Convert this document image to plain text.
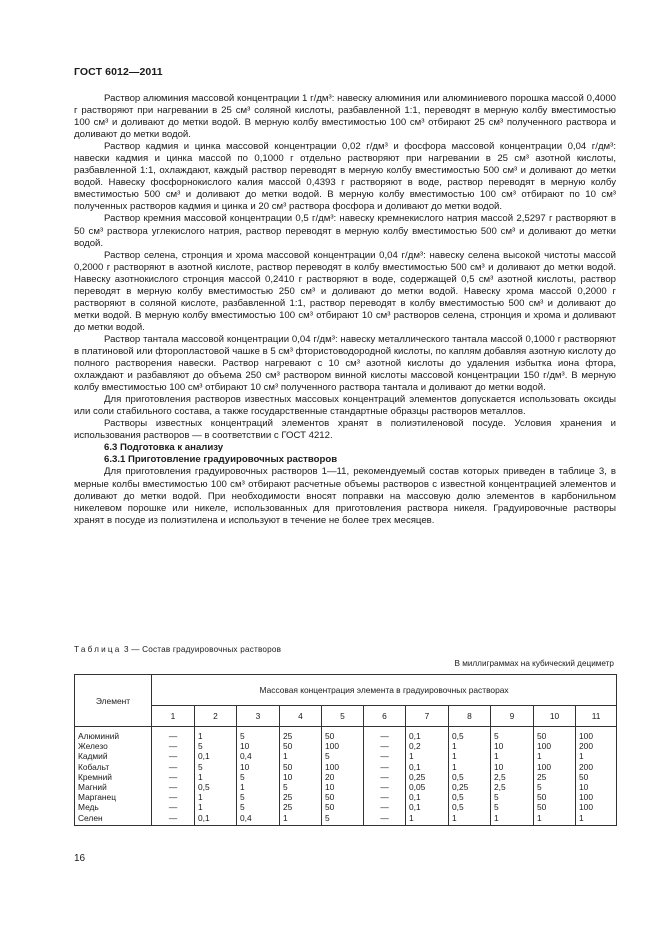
ГОСТ 6012—2011

Раствор алюминия массовой концентрации 1 г/дм³: навеску алюминия или алюминиевого порошка массой 0,4000 г растворяют при нагревании в 25 см³ соляной кислоты, разбавленной 1:1, переводят в мерную колбу вместимостью 100 см³ и доливают до метки водой. В мерную колбу вместимостью 100 см³ отбирают 25 см³ полученного раствора и доливают до метки водой.

Раствор кадмия и цинка массовой концентрации 0,02 г/дм³ и фосфора массовой концентрации 0,04 г/дм³: навески кадмия и цинка массой по 0,1000 г отдельно растворяют при нагревании в 25 см³ азотной кислоты, разбавленной 1:1, охлаждают, каждый раствор переводят в мерную колбу вместимостью 500 см³ и доливают до метки водой. Навеску фосфорнокислого калия массой 0,4393 г растворяют в воде, раствор переводят в мерную колбу вместимостью 500 см³ и доливают до метки водой. В мерную колбу вместимостью 100 см³ отбирают по 10 см³ полученных растворов кадмия и цинка и 20 см³ раствора фосфора и доливают до метки водой.

Раствор кремния массовой концентрации 0,5 г/дм³: навеску кремнекислого натрия массой 2,5297 г растворяют в 50 см³ раствора углекислого натрия, раствор переводят в мерную колбу вместимостью 500 см³ и доливают до метки водой.

Раствор селена, стронция и хрома массовой концентрации 0,04 г/дм³: навеску селена высокой чистоты массой 0,2000 г растворяют в азотной кислоте, раствор переводят в колбу вместимостью 500 см³ и доливают до метки водой. Навеску азотнокислого стронция массой 0,2410 г растворяют в воде, содержащей 0,5 см³ азотной кислоты, раствор переводят в мерную колбу вместимостью 250 см³ и доливают до метки водой. Навеску хрома массой 0,2000 г растворяют в соляной кислоте, разбавленной 1:1, раствор переводят в колбу вместимостью 500 см³ и доливают до метки водой. В мерную колбу вместимостью 100 см³ отбирают 10 см³ растворов селена, стронция и хрома и доливают до метки водой.

Раствор тантала массовой концентрации 0,04 г/дм³: навеску металлического тантала массой 0,1000 г растворяют в платиновой или фторопластовой чашке в 5 см³ фтористоводородной кислоты, по каплям добавляя азотную кислоту до полного растворения навески. Раствор нагревают с 10 см³ азотной кислоты до удаления избытка иона фтора, охлаждают и разбавляют до объема 250 см³ раствором винной кислоты массовой концентрации 150 г/дм³. В мерную колбу вместимостью 100 см³ отбирают 10 см³ полученного раствора тантала и доливают до метки водой.

Для приготовления растворов известных массовых концентраций элементов допускается использовать оксиды или соли стабильного состава, а также государственные стандартные образцы растворов металлов.

Растворы известных концентраций элементов хранят в полиэтиленовой посуде. Условия хранения и использования растворов — в соответствии с ГОСТ 4212.

6.3 Подготовка к анализу

6.3.1 Приготовление градуировочных растворов

Для приготовления градуировочных растворов 1—11, рекомендуемый состав которых приведен в таблице 3, в мерные колбы вместимостью 100 см³ отбирают расчетные объемы растворов с известной концентрацией элементов и доливают до метки водой. При необходимости вносят поправки на массовую долю элементов в карбонильном никелевом порошке или никеле, использованных для приготовления раствора никеля. Градуировочные растворы хранят в посуде из полиэтилена и используют в течение не более трех месяцев.

Таблица 3 — Состав градуировочных растворов
В миллиграммах на кубический дециметр
Элемент	Массовая концентрация элемента в градуировочных растворах										
	1	2	3	4	5	6	7	8	9	10	11
Алюминий	—	1	5	25	50	—	0,1	0,5	5	50	100
Железо	—	5	10	50	100	—	0,2	1	10	100	200
Кадмий	—	0,1	0,4	1	5	—	1	1	1	1	1
Кобальт	—	5	10	50	100	—	0,1	1	10	100	200
Кремний	—	1	5	10	20	—	0,25	0,5	2,5	25	50
Магний	—	0,5	1	5	10	—	0,05	0,25	2,5	5	10
Марганец	—	1	5	25	50	—	0,1	0,5	5	50	100
Медь	—	1	5	25	50	—	0,1	0,5	5	50	100
Селен	—	0,1	0,4	1	5	—	1	1	1	1	1
16
